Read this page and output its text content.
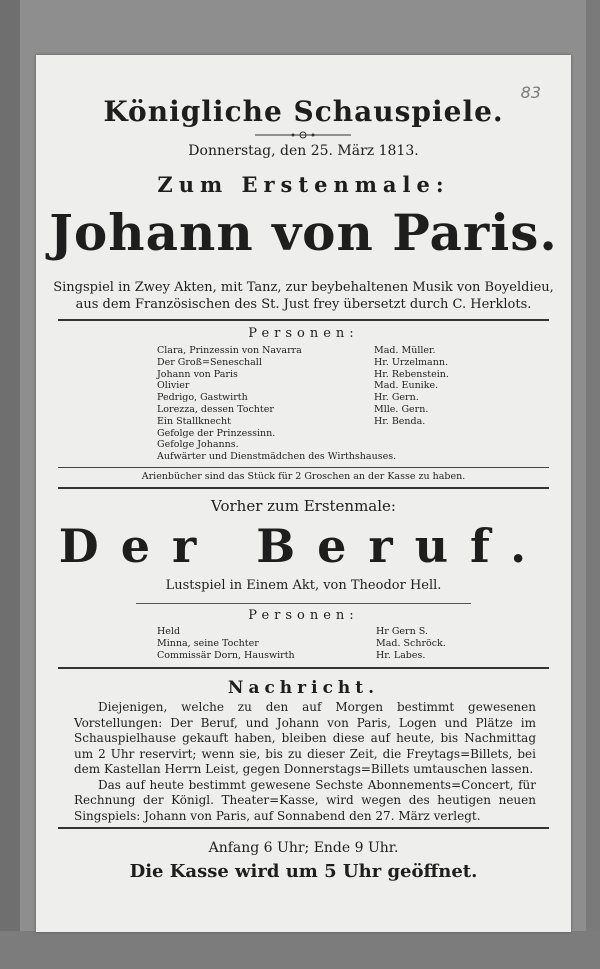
83
Königliche Schauspiele.
Donnerstag, den 25. März 1813.
Zum Erstenmale:
Johann von Paris.
Singspiel in Zwey Akten, mit Tanz, zur beybehaltenen Musik von Boyeldieu,
aus dem Französischen des St. Just frey übersetzt durch C. Herklots.
Personen:
Clara, Prinzessin von Navarra
Der Groß=Seneschall
Johann von Paris
Olivier
Pedrigo, Gastwirth
Lorezza, dessen Tochter
Ein Stallknecht
Gefolge der Prinzessinn.
Gefolge Johanns.
Aufwärter und Dienstmädchen des Wirthshauses.
Mad. Müller.
Hr. Urzelmann.
Hr. Rebenstein.
Mad. Eunike.
Hr. Gern.
Mlle. Gern.
Hr. Benda.
Arienbücher sind das Stück für 2 Groschen an der Kasse zu haben.
Vorher zum Erstenmale:
Der Beruf.
Lustspiel in Einem Akt, von Theodor Hell.
Personen:
Held
Minna, seine Tochter
Commissär Dorn, Hauswirth
Hr Gern S.
Mad. Schröck.
Hr. Labes.
Nachricht.

Diejenigen, welche zu den auf Morgen bestimmt gewesenen Vorstellungen: Der Beruf, und Johann von Paris, Logen und Plätze im Schauspielhause gekauft haben, bleiben diese auf heute, bis Nachmittag um 2 Uhr reservirt; wenn sie, bis zu dieser Zeit, die Freytags=Billets, bei dem Kastellan Herrn Leist, gegen Donnerstags=Billets umtauschen lassen.

Das auf heute bestimmt gewesene Sechste Abonnements=Concert, für Rechnung der Königl. Theater=Kasse, wird wegen des heutigen neuen Singspiels: Johann von Paris, auf Sonnabend den 27. März verlegt.

Anfang 6 Uhr; Ende 9 Uhr.
Die Kasse wird um 5 Uhr geöffnet.
